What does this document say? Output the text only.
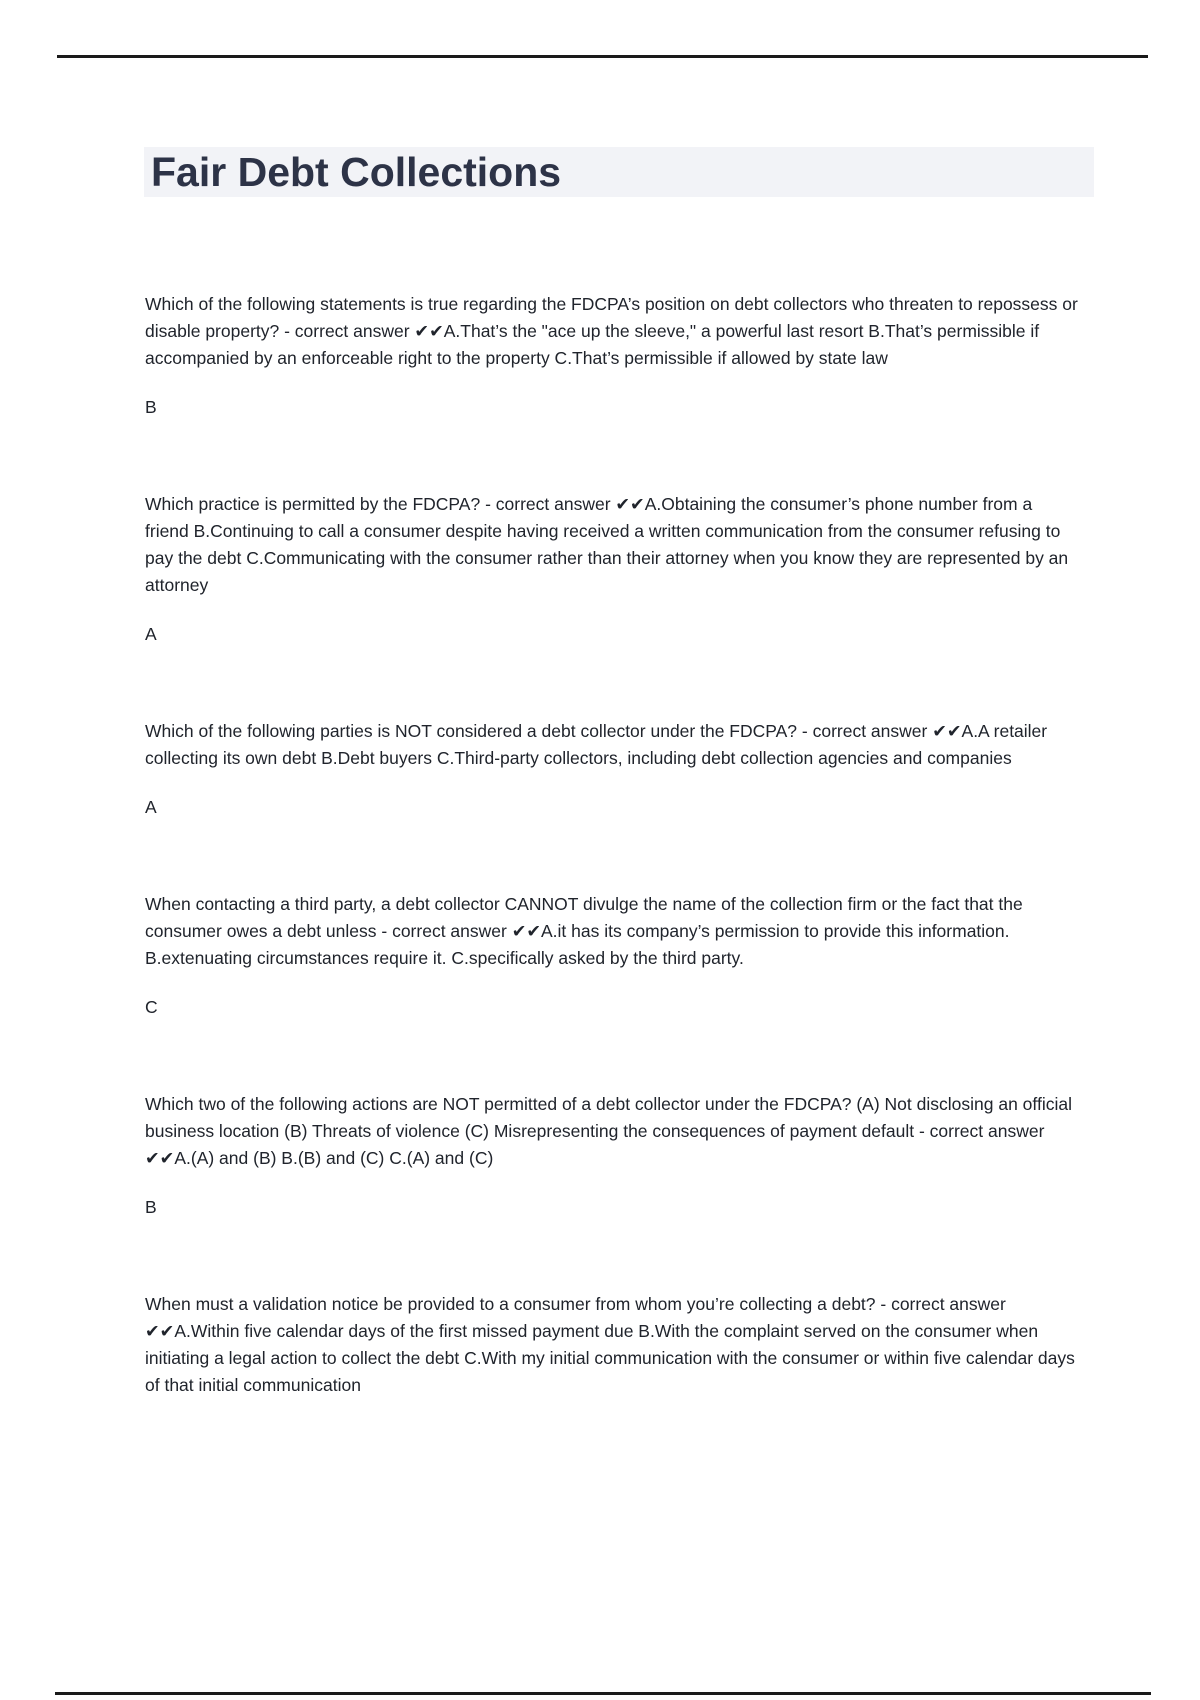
Fair Debt Collections

Which of the following statements is true regarding the FDCPA’s position on debt collectors who threaten to repossess or disable property? - correct answer ✔✔A.That’s the "ace up the sleeve," a powerful last resort B.That’s permissible if accompanied by an enforceable right to the property C.That’s permissible if allowed by state law

B

Which practice is permitted by the FDCPA? - correct answer ✔✔A.Obtaining the consumer’s phone number from a friend B.Continuing to call a consumer despite having received a written communication from the consumer refusing to pay the debt C.Communicating with the consumer rather than their attorney when you know they are represented by an attorney

A

Which of the following parties is NOT considered a debt collector under the FDCPA? - correct answer ✔✔A.A retailer collecting its own debt B.Debt buyers C.Third-party collectors, including debt collection agencies and companies

A

When contacting a third party, a debt collector CANNOT divulge the name of the collection firm or the fact that the consumer owes a debt unless - correct answer ✔✔A.it has its company’s permission to provide this information. B.extenuating circumstances require it. C.specifically asked by the third party.

C

Which two of the following actions are NOT permitted of a debt collector under the FDCPA? (A) Not disclosing an official business location (B) Threats of violence (C) Misrepresenting the consequences of payment default - correct answer ✔✔A.(A) and (B) B.(B) and (C) C.(A) and (C)

B

When must a validation notice be provided to a consumer from whom you’re collecting a debt? - correct answer ✔✔A.Within five calendar days of the first missed payment due B.With the complaint served on the consumer when initiating a legal action to collect the debt C.With my initial communication with the consumer or within five calendar days of that initial communication
